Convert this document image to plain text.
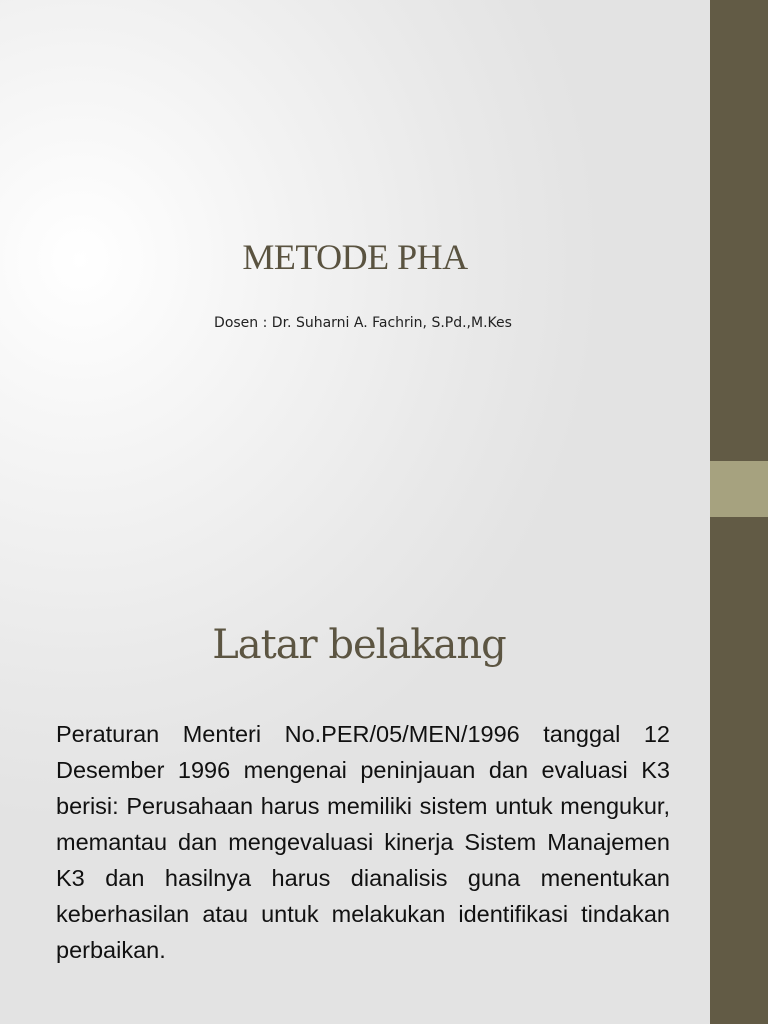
METODE PHA

Dosen : Dr. Suharni A. Fachrin, S.Pd.,M.Kes

Latar belakang

Peraturan Menteri No.PER/05/MEN/1996 tanggal 12 Desember 1996 mengenai peninjauan dan evaluasi K3 berisi: Perusahaan harus memiliki sistem untuk mengukur, memantau dan mengevaluasi kinerja Sistem Manajemen K3 dan hasilnya harus dianalisis guna menentukan keberhasilan atau untuk melakukan identifikasi tindakan perbaikan.
